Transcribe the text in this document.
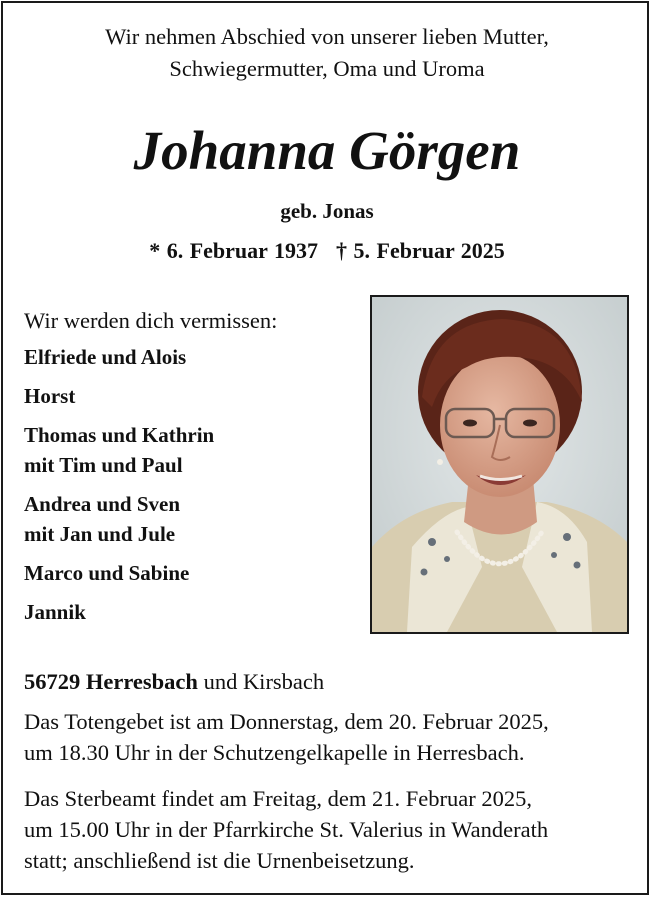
Wir nehmen Abschied von unserer lieben Mutter,
Schwiegermutter, Oma und Uroma
Johanna Görgen
geb. Jonas
* 6. Februar 1937 † 5. Februar 2025
Wir werden dich vermissen:
Elfriede und Alois
Horst
Thomas und Kathrin
mit Tim und Paul
Andrea und Sven
mit Jan und Jule
Marco und Sabine
Jannik
56729 Herresbach und Kirsbach
Das Totengebet ist am Donnerstag, dem 20. Februar 2025,
um 18.30 Uhr in der Schutzengelkapelle in Herresbach.
Das Sterbeamt findet am Freitag, dem 21. Februar 2025,
um 15.00 Uhr in der Pfarrkirche St. Valerius in Wanderath
statt; anschließend ist die Urnenbeisetzung.
